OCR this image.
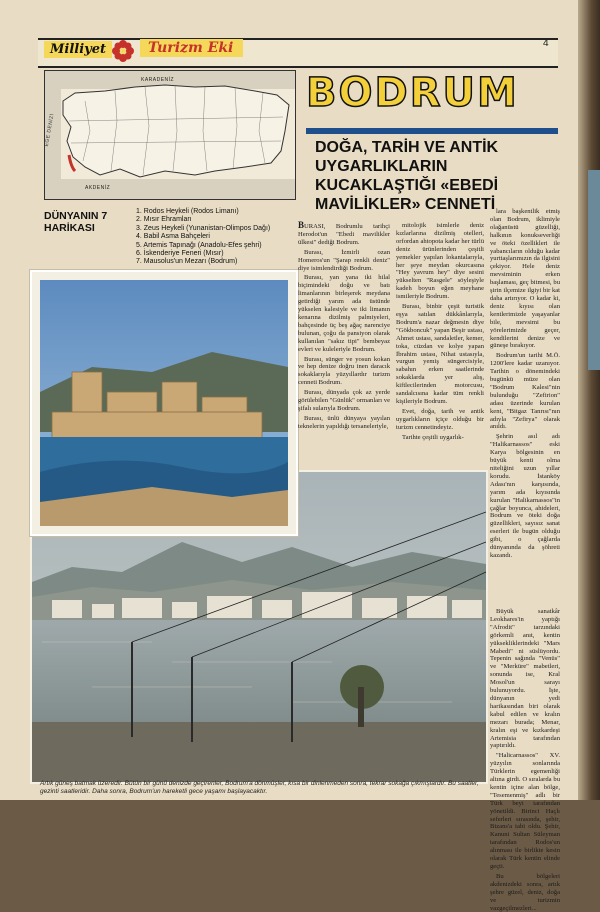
Milliyet	Turizm Eki	4
KARADENİZ
AKDENİZ
EGE DENİZİ
BODRUM
DOĞA, TARİH VE ANTİK UYGARLIKLARIN KUCAKLAŞTIĞI «EBEDİ MAVİLİKLER» CENNETİ
DÜNYANIN 7 HARİKASI
1. Rodos Heykeli (Rodos Limanı)
2. Mısır Ehramları
3. Zeus Heykeli (Yunanistan-Olimpos Dağı)
4. Babil Asma Bahçeleri
5. Artemis Tapınağı (Anadolu-Efes şehri)
6. İskenderiye Feneri (Mısır)
7. Mausolus'un Mezarı (Bodrum)

BURASI, Bodrumlu tarihçi Herodot'un "Ebedi mavilikler ülkesi" dediği Bodrum.

Burası, İzmirli ozan Homeros'un "Şarap renkli deniz" diye isimlendirdiği Bodrum.

Burası, yan yana iki hilal biçimindeki doğu ve batı limanlarının birleşerek meydana getirdiği yarım ada üstünde yükselen kalesiyle ve iki limanın kenarına dizilmiş palmiyeleri, bahçesinde üç beş ağaç narenciye bulunan, çoğu da pansiyon olarak kullanılan "sakız tipi" bembeyaz evleri ve kuleleriyle Bodrum.

Burası, sünger ve yosun kokan ve hep denize doğru inen daracık sokaklarıyla yüzyıllardır turizm cenneti Bodrum.

Burası, dünyada çok az yerde görülebilen "Günlük" ormanları ve şifalı sularıyla Bodrum.

Burası, ünlü dünyaya yayılan teknelerin yapıldığı tersaneleriyle,

mitolojik isimlerle deniz kızlarlarına dizilmiş otelleri, orfordan ahtopota kadar her türlü deniz ürünlerinden çeşitli yemekler yapılan lokantalarıyla, her şeye meydan okurcasına "Hey yavrum hey" diye sesini yükselten "Rasgele" söyleşiyle kadeh boyun eğen meyhane ismileriyle Bodrum.

Burası, binbir çeşit turistik eşya satılan dükkânlarıyla, Bodrum'a nazar değmesin diye "Gökboncuk" yapan Beşir ustası, Ahmet ustası, sandaletler, kemer, toka, cüzdan ve kolye yapan İbrahim ustası, Nihat ustasıyla, vurgun yemiş süngercisiyle, sabahın erken saatlerinde sokaklarda yer alış, kiftlecilerinden motorcusu, sandalcısına kadar tüm renkli kişileriyle Bodrum.

Evet, doğa, tarih ve antik uygarlıkların içiçe olduğu bir turizm cennetindeyiz.

Tarihte çeşitli uygarlık-

lara başkentlik etmiş olan Bodrum, iklimiyle olağanüstü güzelliği, halkının konukseverliği ve öteki özellikleri ile yabancıların olduğu kadar yurttaşlarımızın da ilgisini çekiyor. Hele deniz mevsiminin erken başlaması, geç bitmesi, bu şirin ilçemize ilgiyi bir kat daha artırıyor. O kadar ki, deniz kıyısı olan kentlerimizde yaşayanlar bile, mevsimi bu yörelerimizde geçer, kendilerini denize ve güneşe bırakıyor.

Bodrum'un tarihi M.Ö. 1200'lere kadar uzanıyor. Tarihin o dönemindeki bugünkü müze olan "Bodrum Kalesi"nin bulunduğu "Zefirion" adası üzerinde kurulan kent, "Bitgaz Tanrısı"nın adıyla "Zefirya" olarak anıldı.

Şehrin asıl adı "Halikarnassos" eski Karya bölgesinin en büyük kenti olma niteliğini uzun yıllar korudu. İstanköy Adası'nın karşısında, yarım ada kıyısında kurulan "Halikarnassos"in çağlar boyunca, ahideleri, Bodrum ve öteki doğa güzellikleri, sayısız sanat eserleri ile bugün olduğu gibi, o çağlarda dünyanında da şöhreti kazandı.

Büyük sanatkâr Leokhares'in yaptığı "Afrodit" tarzındaki görkemli anıt, kentin yüksekliklerindeki "Mars Mabedi" ni süslüyordu. Tepenin sağında "Venüs" ve "Merküre" mabetleri, sonunda ise, Kral Mosol'un sarayı bulunuyordu. İşte, dünyanın yedi harikasından biri olarak kabul edilen ve kralın mezarı burada; Menar, kralın eşi ve kızkardeşi Artemisia tarafından yaptırıldı.

"Halicarnassos" XV. yüzyılın sonlarında Türklerin egemenliği altına girdi. O sıralarda bu kentin içine alan bölge, "Tesemenmiş" adlı bir Türk beyi tarafından yönetildi. Birinci Haçlı seferleri sırasında, şehir, Bizans'a tabi oldu. Şehir, Kanuni Sultan Süleyman tarafından Rodos'un alınması ile birlikte kesin olarak Türk kentin elinde geçti.

Bu bölgeleri akdenizdeki sonra, artık şehre güzel, deniz, doğa ve turizmin vazgeçilmezleri...

Artık güneş batmak üzeredir. Bütün bir günü denizde geçirenler, Bodrum'a dönmüşler, kısa bir dinlenmeden sonra, tekrar sokağa çıkmışlardır. Bu saatler, gezinti saatleridir. Daha sonra, Bodrum'un hareketli gece yaşamı başlayacaktır.
